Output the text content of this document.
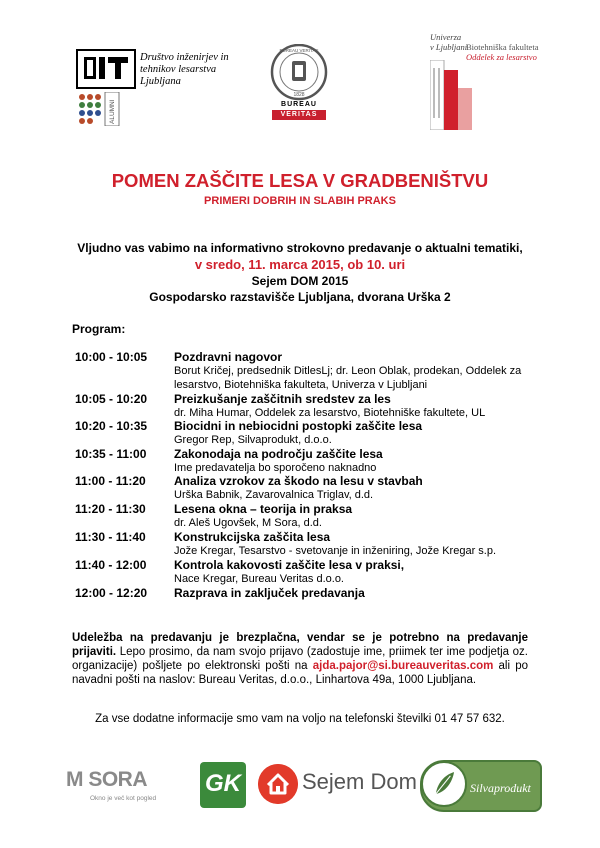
Društvo inženirjev in
tehnikov lesarstva
Ljubljana
ALUMNI
1828
BUREAU VERITAS
BUREAU
VERITAS
Univerza
v Ljubljani
Biotehniška fakulteta
Oddelek za lesarstvo
POMEN ZAŠČITE LESA V GRADBENIŠTVU
PRIMERI DOBRIH IN SLABIH PRAKS
Vljudno vas vabimo na informativno strokovno predavanje o aktualni tematiki,
v sredo, 11. marca 2015, ob 10. uri
Sejem DOM 2015
Gospodarsko razstavišče Ljubljana, dvorana Urška 2
Program:
10:00 - 10:05	Pozdravni nagovor
Borut Kričej, predsednik DitlesLj; dr. Leon Oblak, prodekan, Oddelek za lesarstvo, Biotehniška fakulteta, Univerza v Ljubljani
10:05 - 10:20	Preizkušanje zaščitnih sredstev za les
dr. Miha Humar, Oddelek za lesarstvo, Biotehniške fakultete, UL
10:20 - 10:35	Biocidni in nebiocidni postopki zaščite lesa
Gregor Rep, Silvaprodukt, d.o.o.
10:35 - 11:00	Zakonodaja na področju zaščite lesa
Ime predavatelja bo sporočeno naknadno
11:00 - 11:20	Analiza vzrokov za škodo na lesu v stavbah
Urška Babnik, Zavarovalnica Triglav, d.d.
11:20 - 11:30	Lesena okna – teorija in praksa
dr. Aleš Ugovšek, M Sora, d.d.
11:30 - 11:40	Konstrukcijska zaščita lesa
Jože Kregar, Tesarstvo - svetovanje in inženiring, Jože Kregar s.p.
11:40 - 12:00	Kontrola kakovosti zaščite lesa v praksi,
Nace Kregar, Bureau Veritas d.o.o.
12:00 - 12:20	Razprava in zaključek predavanja
Udeležba na predavanju je brezplačna, vendar se je potrebno na predavanje prijaviti. Lepo prosimo, da nam svojo prijavo (zadostuje ime, priimek ter ime podjetja oz. organizacije) pošljete po elektronski pošti na ajda.pajor@si.bureauveritas.com ali po navadni pošti na naslov: Bureau Veritas, d.o.o., Linhartova 49a, 1000 Ljubljana.
Za vse dodatne informacije smo vam na voljo na telefonski številki 01 47 57 632.
M SORA
Okno je več kot pogled
GK	Sejem Dom	Silvaprodukt
